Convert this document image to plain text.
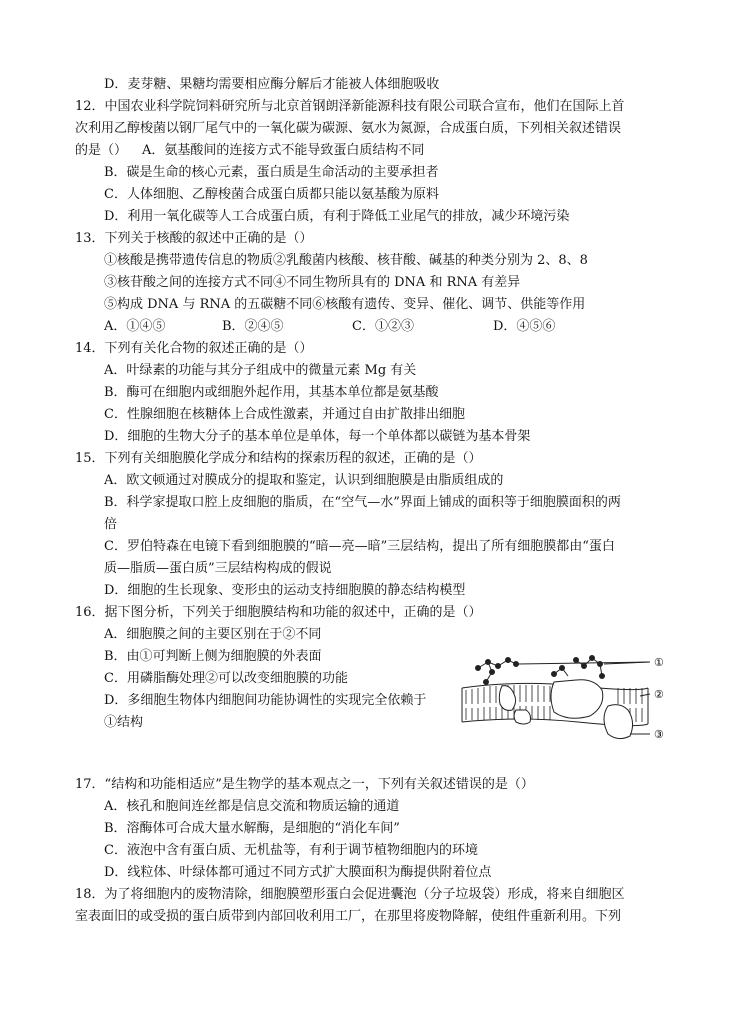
D．麦芽糖、果糖均需要相应酶分解后才能被人体细胞吸收
12．中国农业科学院饲料研究所与北京首钢朗泽新能源科技有限公司联合宣布，他们在国际上首
次利用乙醇梭菌以钢厂尾气中的一氧化碳为碳源、氨水为氮源，合成蛋白质，下列相关叙述错误
的是（） A．氨基酸间的连接方式不能导致蛋白质结构不同
B．碳是生命的核心元素，蛋白质是生命活动的主要承担者
C．人体细胞、乙醇梭菌合成蛋白质都只能以氨基酸为原料
D．利用一氧化碳等人工合成蛋白质，有利于降低工业尾气的排放，减少环境污染
13．下列关于核酸的叙述中正确的是（）
①核酸是携带遗传信息的物质②乳酸菌内核酸、核苷酸、碱基的种类分别为 2、8、8
③核苷酸之间的连接方式不同④不同生物所具有的 DNA 和 RNA 有差异
⑤构成 DNA 与 RNA 的五碳糖不同⑥核酸有遗传、变异、催化、调节、供能等作用
A．①④⑤	B．②④⑤	C．①②③	D．④⑤⑥
14．下列有关化合物的叙述正确的是（）
A．叶绿素的功能与其分子组成中的微量元素 Mg 有关
B．酶可在细胞内或细胞外起作用，其基本单位都是氨基酸
C．性腺细胞在核糖体上合成性激素，并通过自由扩散排出细胞
D．细胞的生物大分子的基本单位是单体，每一个单体都以碳链为基本骨架
15．下列有关细胞膜化学成分和结构的探索历程的叙述，正确的是（）
A．欧文顿通过对膜成分的提取和鉴定，认识到细胞膜是由脂质组成的
B．科学家提取口腔上皮细胞的脂质，在“空气—水”界面上铺成的面积等于细胞膜面积的两
倍
C．罗伯特森在电镜下看到细胞膜的“暗—亮—暗”三层结构，提出了所有细胞膜都由“蛋白
质—脂质—蛋白质”三层结构构成的假说
D．细胞的生长现象、变形虫的运动支持细胞膜的静态结构模型
16．据下图分析，下列关于细胞膜结构和功能的叙述中，正确的是（）
A．细胞膜之间的主要区别在于②不同
B．由①可判断上侧为细胞膜的外表面
C．用磷脂酶处理②可以改变细胞膜的功能
D．多细胞生物体内细胞间功能协调性的实现完全依赖于
①结构
①
②
③
17．“结构和功能相适应”是生物学的基本观点之一，下列有关叙述错误的是（）
A．核孔和胞间连丝都是信息交流和物质运输的通道
B．溶酶体可合成大量水解酶，是细胞的“消化车间”
C．液泡中含有蛋白质、无机盐等，有利于调节植物细胞内的环境
D．线粒体、叶绿体都可通过不同方式扩大膜面积为酶提供附着位点
18．为了将细胞内的废物清除，细胞膜塑形蛋白会促进囊泡（分子垃圾袋）形成，将来自细胞区
室表面旧的或受损的蛋白质带到内部回收利用工厂，在那里将废物降解，使组件重新利用。下列
